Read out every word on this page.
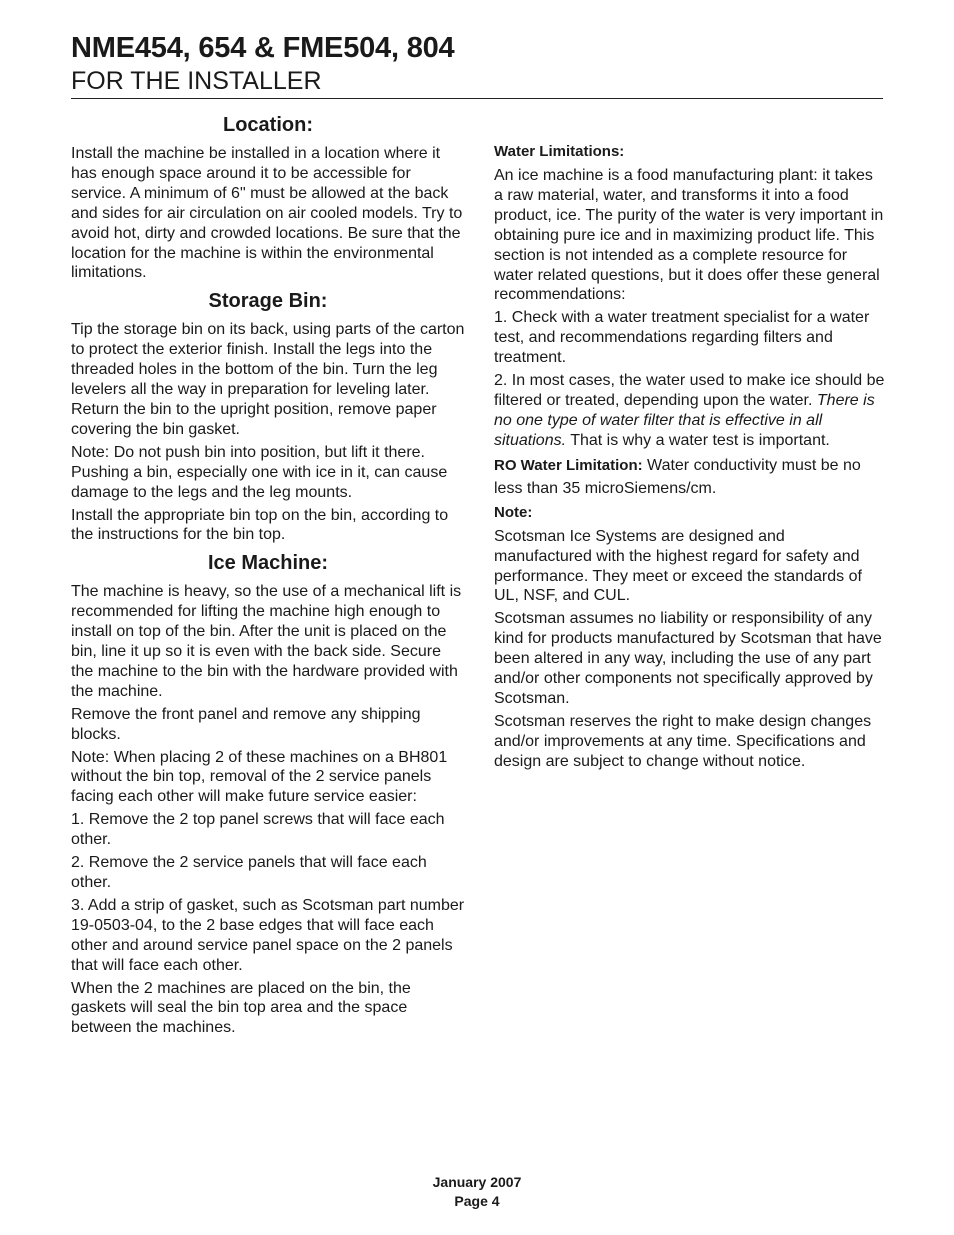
NME454, 654 & FME504, 804
FOR THE INSTALLER
Location:

Install the machine be installed in a location where it has enough space around it to be accessible for service. A minimum of 6" must be allowed at the back and sides for air circulation on air cooled models. Try to avoid hot, dirty and crowded locations. Be sure that the location for the machine is within the environmental limitations.

Storage Bin:

Tip the storage bin on its back, using parts of the carton to protect the exterior finish. Install the legs into the threaded holes in the bottom of the bin. Turn the leg levelers all the way in preparation for leveling later. Return the bin to the upright position, remove paper covering the bin gasket.

Note: Do not push bin into position, but lift it there. Pushing a bin, especially one with ice in it, can cause damage to the legs and the leg mounts.

Install the appropriate bin top on the bin, according to the instructions for the bin top.

Ice Machine:

The machine is heavy, so the use of a mechanical lift is recommended for lifting the machine high enough to install on top of the bin. After the unit is placed on the bin, line it up so it is even with the back side. Secure the machine to the bin with the hardware provided with the machine.

Remove the front panel and remove any shipping blocks.

Note: When placing 2 of these machines on a BH801 without the bin top, removal of the 2 service panels facing each other will make future service easier:

1. Remove the 2 top panel screws that will face each other.

2. Remove the 2 service panels that will face each other.

3. Add a strip of gasket, such as Scotsman part number 19-0503-04, to the 2 base edges that will face each other and around service panel space on the 2 panels that will face each other.

When the 2 machines are placed on the bin, the gaskets will seal the bin top area and the space between the machines.

Water Limitations:

An ice machine is a food manufacturing plant: it takes a raw material, water, and transforms it into a food product, ice. The purity of the water is very important in obtaining pure ice and in maximizing product life. This section is not intended as a complete resource for water related questions, but it does offer these general recommendations:

1. Check with a water treatment specialist for a water test, and recommendations regarding filters and treatment.

2. In most cases, the water used to make ice should be filtered or treated, depending upon the water. There is no one type of water filter that is effective in all situations. That is why a water test is important.

RO Water Limitation: Water conductivity must be no less than 35 microSiemens/cm.

Note:

Scotsman Ice Systems are designed and manufactured with the highest regard for safety and performance. They meet or exceed the standards of UL, NSF, and CUL.

Scotsman assumes no liability or responsibility of any kind for products manufactured by Scotsman that have been altered in any way, including the use of any part and/or other components not specifically approved by Scotsman.

Scotsman reserves the right to make design changes and/or improvements at any time. Specifications and design are subject to change without notice.

January 2007
Page 4
